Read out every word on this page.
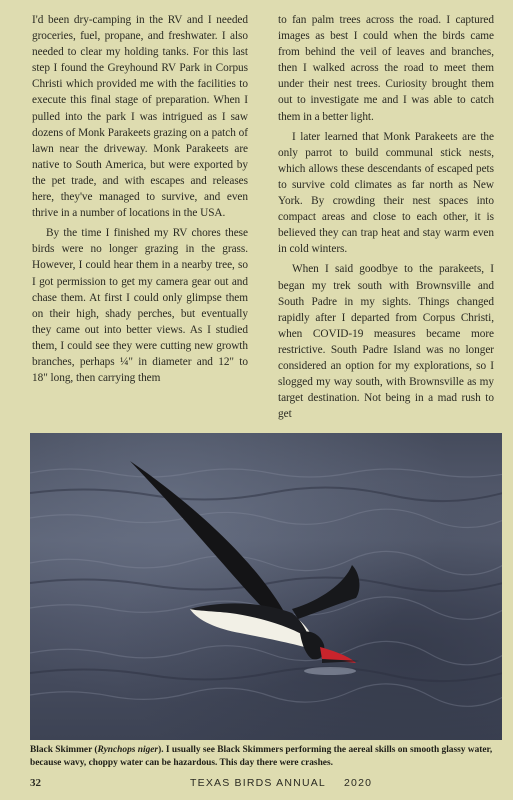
I'd been dry-camping in the RV and I needed groceries, fuel, propane, and freshwater. I also needed to clear my holding tanks. For this last step I found the Greyhound RV Park in Corpus Christi which provided me with the facilities to execute this final stage of preparation. When I pulled into the park I was intrigued as I saw dozens of Monk Parakeets grazing on a patch of lawn near the driveway. Monk Parakeets are native to South America, but were exported by the pet trade, and with escapes and releases here, they've managed to survive, and even thrive in a number of locations in the USA.

By the time I finished my RV chores these birds were no longer grazing in the grass. However, I could hear them in a nearby tree, so I got permission to get my camera gear out and chase them. At first I could only glimpse them on their high, shady perches, but eventually they came out into better views. As I studied them, I could see they were cutting new growth branches, perhaps ¼" in diameter and 12" to 18" long, then carrying them

to fan palm trees across the road. I captured images as best I could when the birds came from behind the veil of leaves and branches, then I walked across the road to meet them under their nest trees. Curiosity brought them out to investigate me and I was able to catch them in a better light.

I later learned that Monk Parakeets are the only parrot to build communal stick nests, which allows these descendants of escaped pets to survive cold climates as far north as New York. By crowding their nest spaces into compact areas and close to each other, it is believed they can trap heat and stay warm even in cold winters.

When I said goodbye to the parakeets, I began my trek south with Brownsville and South Padre in my sights. Things changed rapidly after I departed from Corpus Christi, when COVID-19 measures became more restrictive. South Padre Island was no longer considered an option for my explorations, so I slogged my way south, with Brownsville as my target destination. Not being in a mad rush to get

Black Skimmer (Rynchops niger). I usually see Black Skimmers performing the aereal skills on smooth glassy water, because wavy, choppy water can be hazardous. This day there were crashes.
32	TEXAS BIRDS ANNUAL 2020
